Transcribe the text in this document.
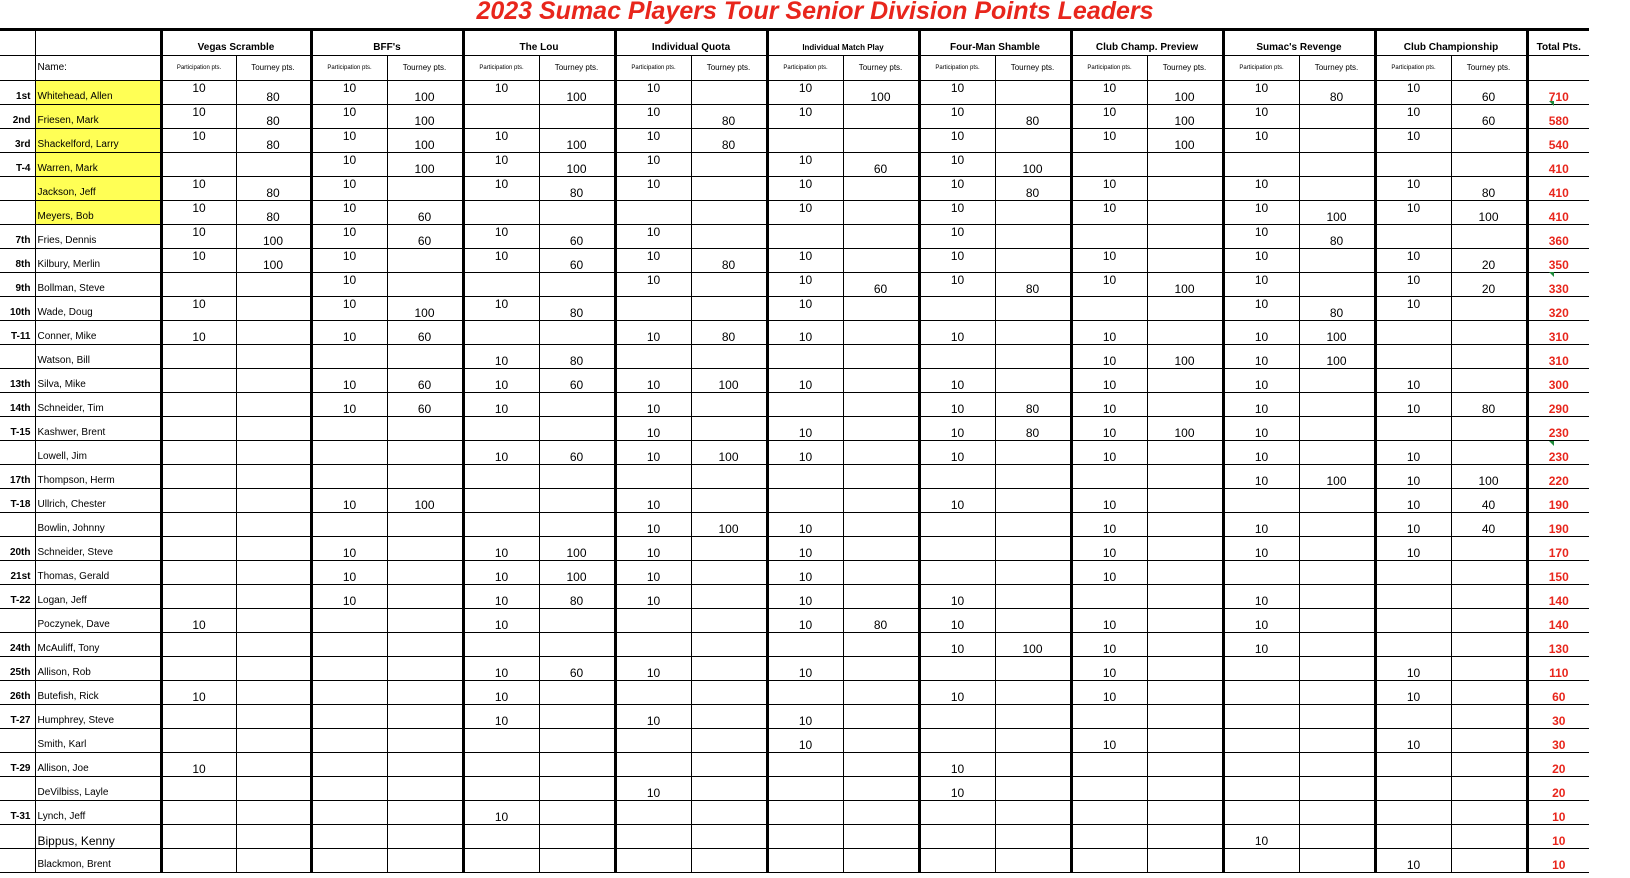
2023 Sumac Players Tour Senior Division Points Leaders
		Vegas Scramble		BFF's		The Lou		Individual Quota		Individual Match Play		Four-Man Shamble		Club Champ. Preview		Sumac's Revenge		Club Championship		Total Pts.
	Name:	Participation pts.	Tourney pts.	Participation pts.	Tourney pts.	Participation pts.	Tourney pts.	Participation pts.	Tourney pts.	Participation pts.	Tourney pts.	Participation pts.	Tourney pts.	Participation pts.	Tourney pts.	Participation pts.	Tourney pts.	Participation pts.	Tourney pts.	
1st	Whitehead, Allen	10	80	10	100	10	100	10		10	100	10		10	100	10	80	10	60	710
2nd	Friesen, Mark	10	80	10	100			10	80	10		10	80	10	100	10		10	60	580
3rd	Shackelford, Larry	10	80	10	100	10	100	10	80			10		10	100	10		10		540
T-4	Warren, Mark			10	100	10	100	10		10	60	10	100							410
	Jackson, Jeff	10	80	10		10	80	10		10		10	80	10		10		10	80	410
	Meyers, Bob	10	80	10	60					10		10		10		10	100	10	100	410
7th	Fries, Dennis	10	100	10	60	10	60	10				10				10	80			360
8th	Kilbury, Merlin	10	100	10		10	60	10	80	10		10		10		10		10	20	350
9th	Bollman, Steve			10				10		10	60	10	80	10	100	10		10	20	330
10th	Wade, Doug	10		10	100	10	80			10						10	80	10		320
T-11	Conner, Mike	10		10	60			10	80	10		10		10		10	100			310
	Watson, Bill					10	80							10	100	10	100			310
13th	Silva, Mike			10	60	10	60	10	100	10		10		10		10		10		300
14th	Schneider, Tim			10	60	10		10				10	80	10		10		10	80	290
T-15	Kashwer, Brent							10		10		10	80	10	100	10				230
	Lowell, Jim					10	60	10	100	10		10		10		10		10		230
17th	Thompson, Herm															10	100	10	100	220
T-18	Ullrich, Chester			10	100			10				10		10				10	40	190
	Bowlin, Johnny							10	100	10				10		10		10	40	190
20th	Schneider, Steve			10		10	100	10		10				10		10		10		170
21st	Thomas, Gerald			10		10	100	10		10				10						150
T-22	Logan, Jeff			10		10	80	10		10		10				10				140
	Poczynek, Dave	10				10				10	80	10		10		10				140
24th	McAuliff, Tony											10	100	10		10				130
25th	Allison, Rob					10	60	10		10				10				10		110
26th	Butefish, Rick	10				10						10		10				10		60
T-27	Humphrey, Steve					10		10		10										30
	Smith, Karl									10				10				10		30
T-29	Allison, Joe	10										10								20
	DeVilbiss, Layle							10				10								20
T-31	Lynch, Jeff					10														10
	Bippus, Kenny															10				10
	Blackmon, Brent																	10		10
